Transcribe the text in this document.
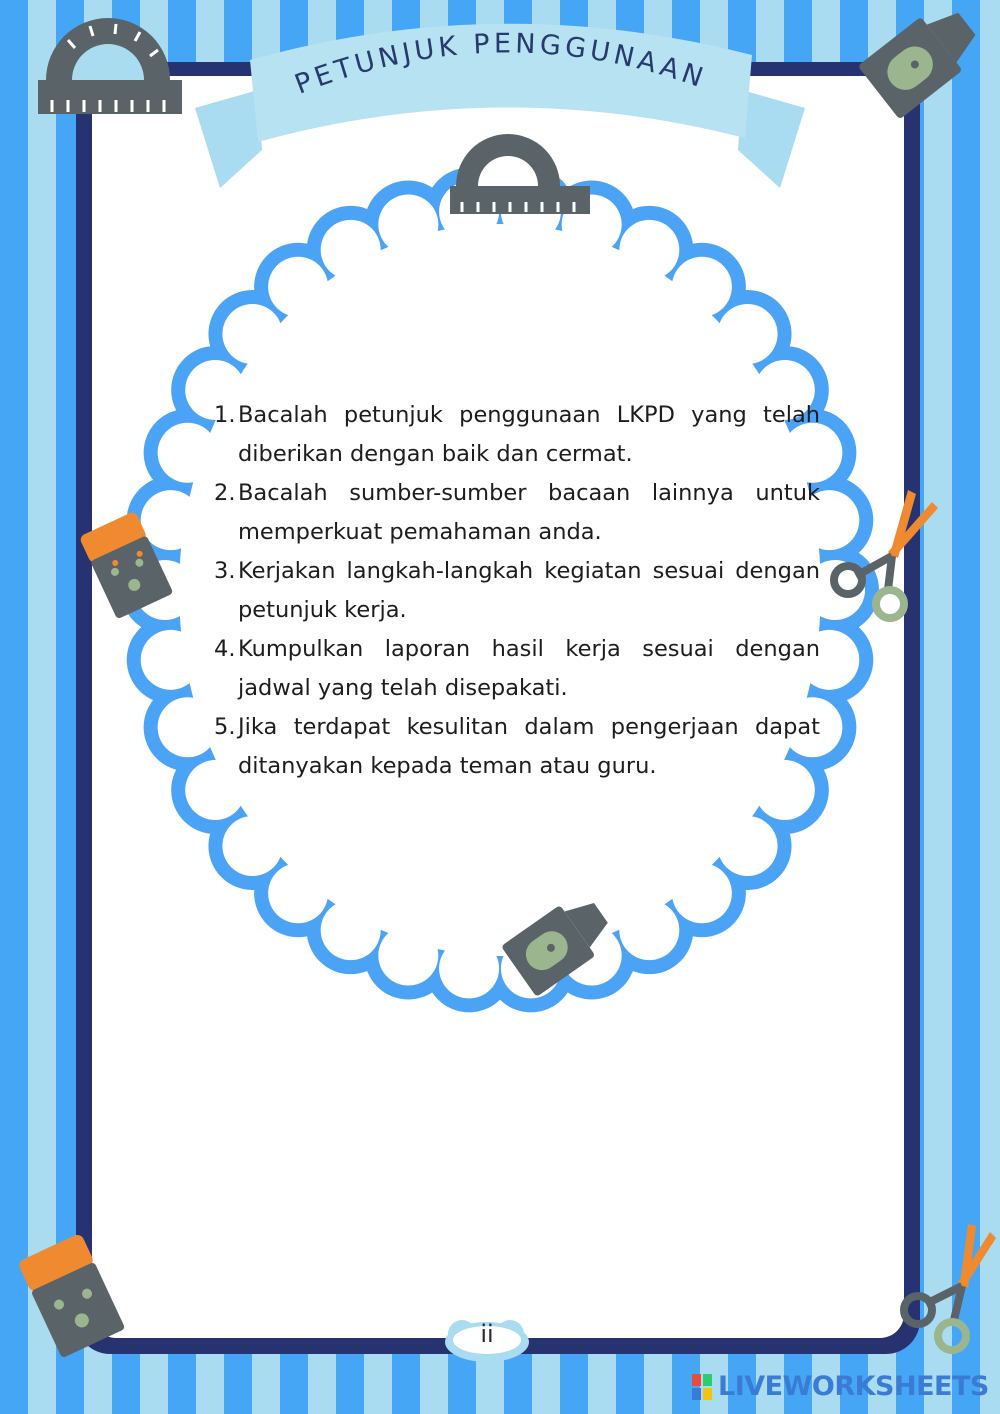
PETUNJUK PENGGUNAAN
1. Bacalah petunjuk penggunaan LKPD yang telah diberikan dengan baik dan cermat.
2. Bacalah sumber-sumber bacaan lainnya untuk memperkuat pemahaman anda.
3. Kerjakan langkah-langkah kegiatan sesuai dengan petunjuk kerja.
4. Kumpulkan laporan hasil kerja sesuai dengan jadwal yang telah disepakati.
5. Jika terdapat kesulitan dalam pengerjaan dapat ditanyakan kepada teman atau guru.
ii
LIVEWORKSHEETS
